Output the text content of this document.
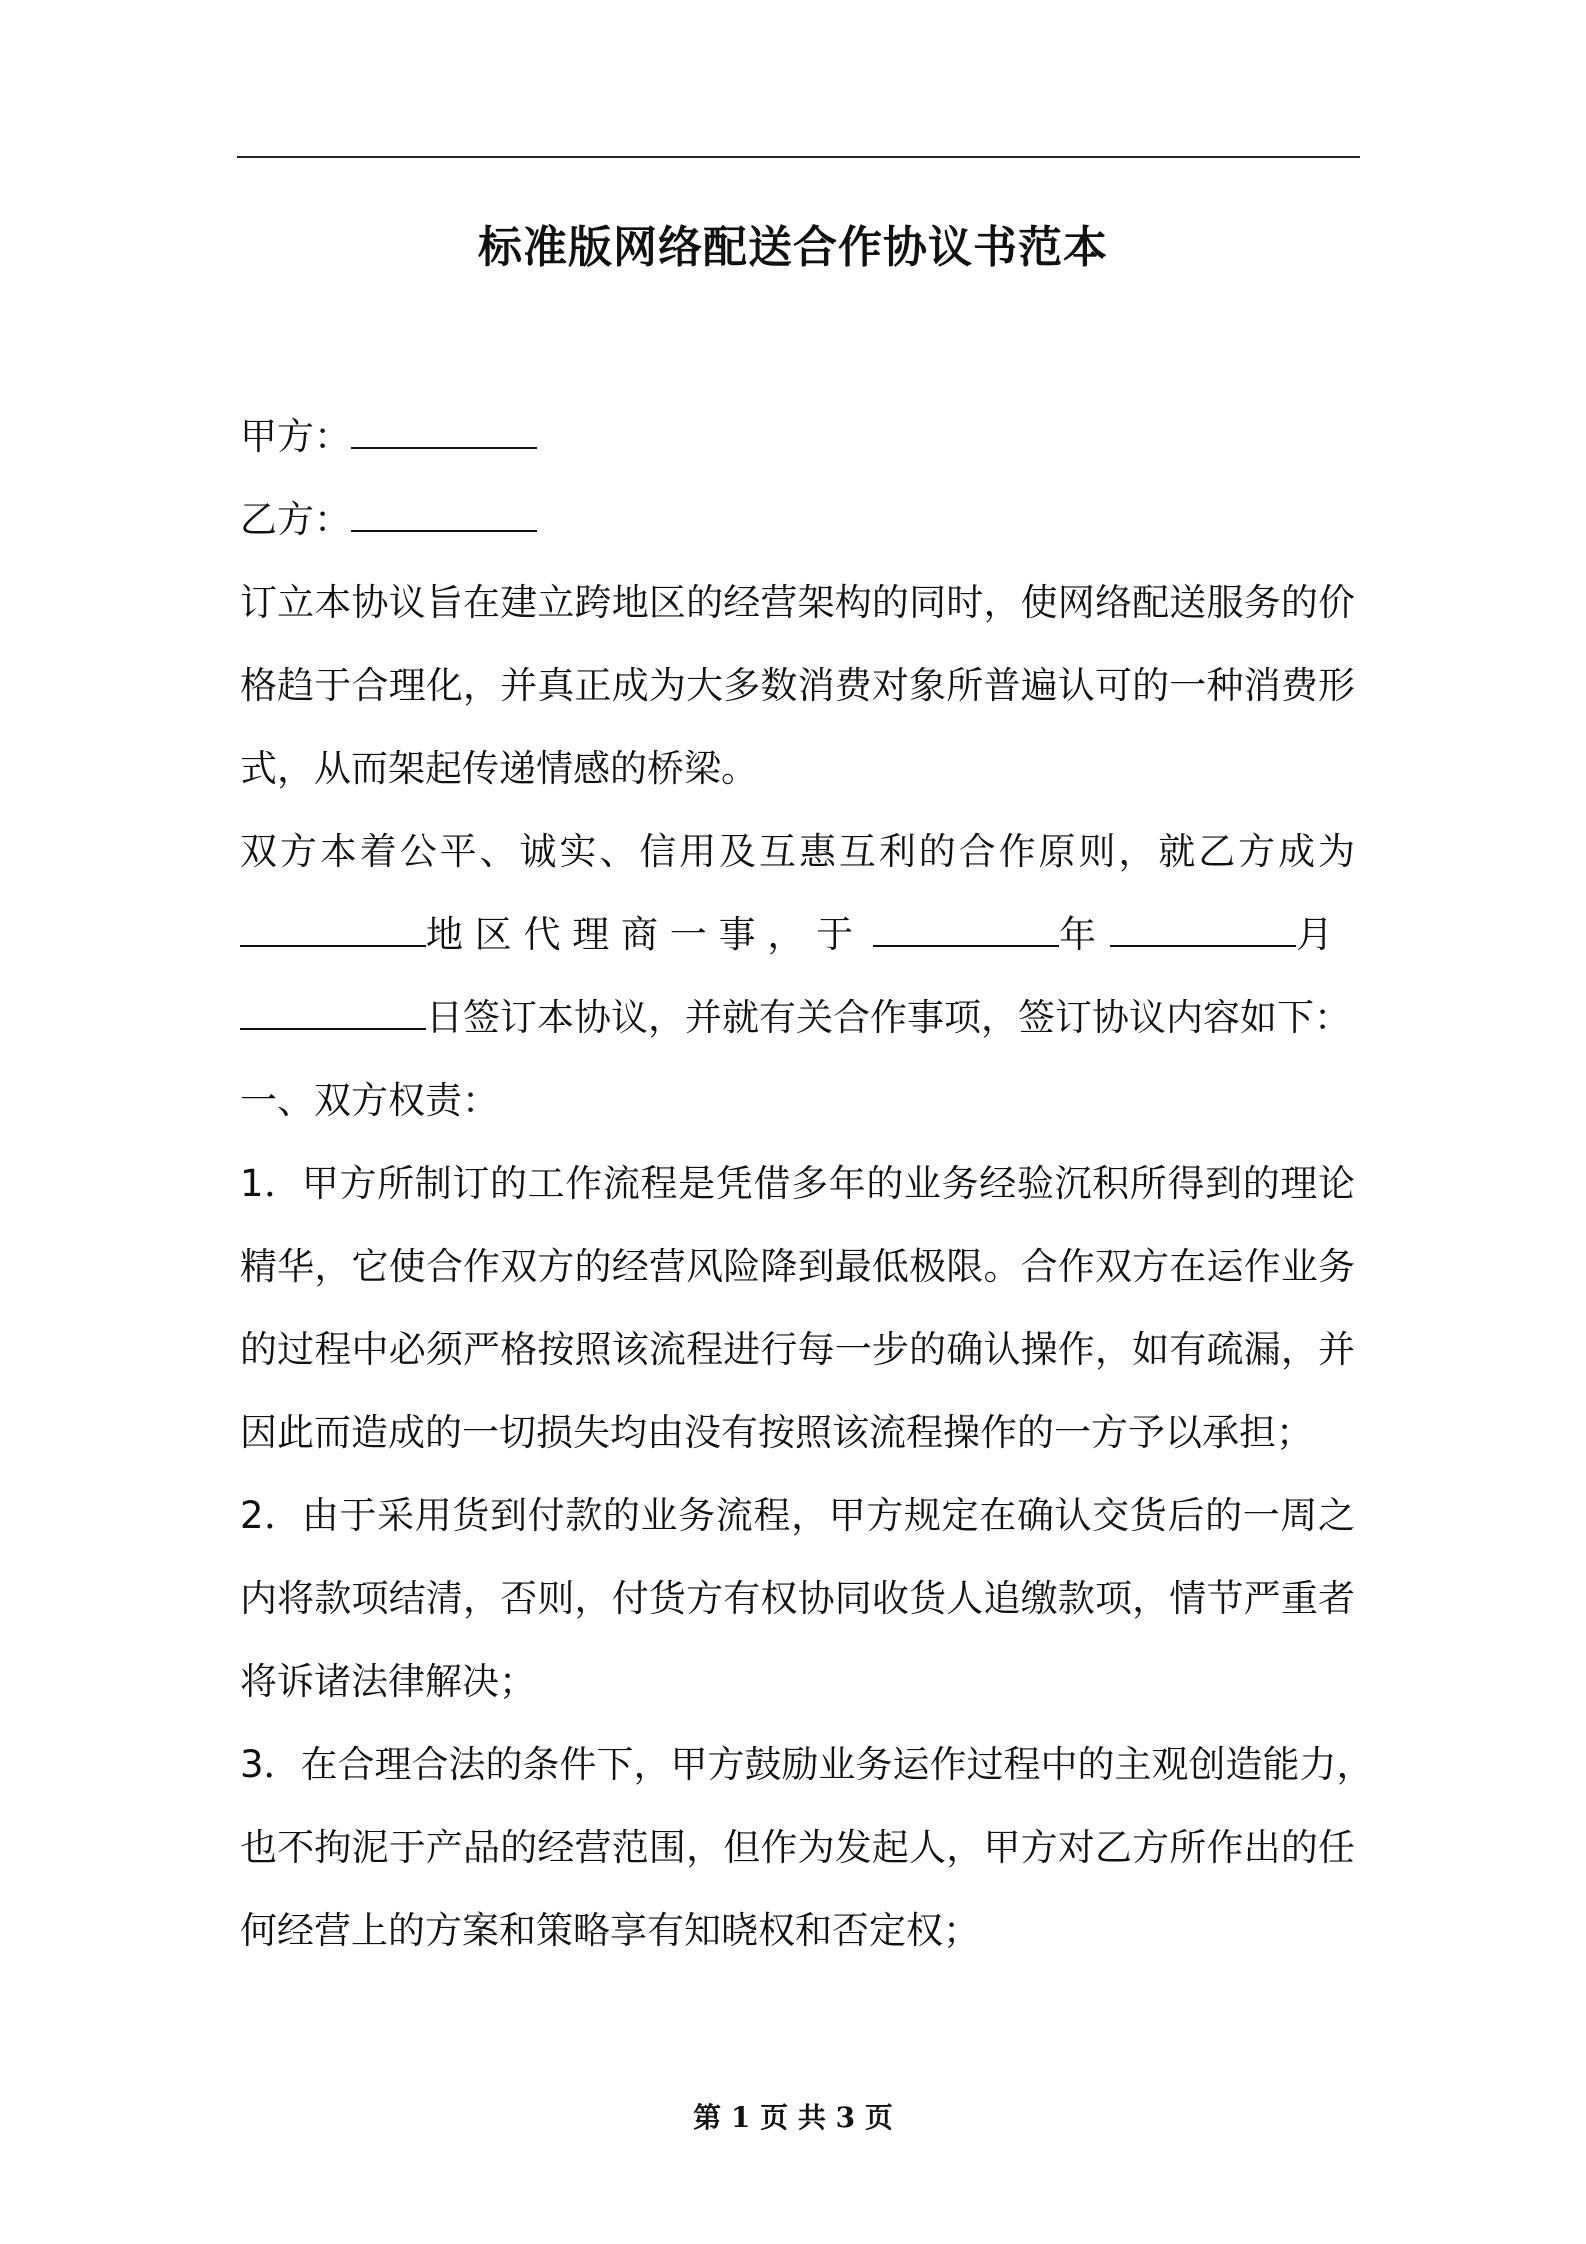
标准版网络配送合作协议书范本
甲方：
乙方：
订立本协议旨在建立跨地区的经营架构的同时，使网络配送服务的价
格趋于合理化，并真正成为大多数消费对象所普遍认可的一种消费形
式，从而架起传递情感的桥梁。
双方本着公平、诚实、信用及互惠互利的合作原则，就乙方成为
地 区 代 理 商 一 事 ， 于	年	月
日签订本协议，并就有关合作事项，签订协议内容如下：
一、双方权责：
1．甲方所制订的工作流程是凭借多年的业务经验沉积所得到的理论
精华，它使合作双方的经营风险降到最低极限。合作双方在运作业务
的过程中必须严格按照该流程进行每一步的确认操作，如有疏漏，并
因此而造成的一切损失均由没有按照该流程操作的一方予以承担；
2．由于采用货到付款的业务流程，甲方规定在确认交货后的一周之
内将款项结清，否则，付货方有权协同收货人追缴款项，情节严重者
将诉诸法律解决；
3．在合理合法的条件下，甲方鼓励业务运作过程中的主观创造能力，
也不拘泥于产品的经营范围，但作为发起人，甲方对乙方所作出的任
何经营上的方案和策略享有知晓权和否定权；
第 1 页 共 3 页
